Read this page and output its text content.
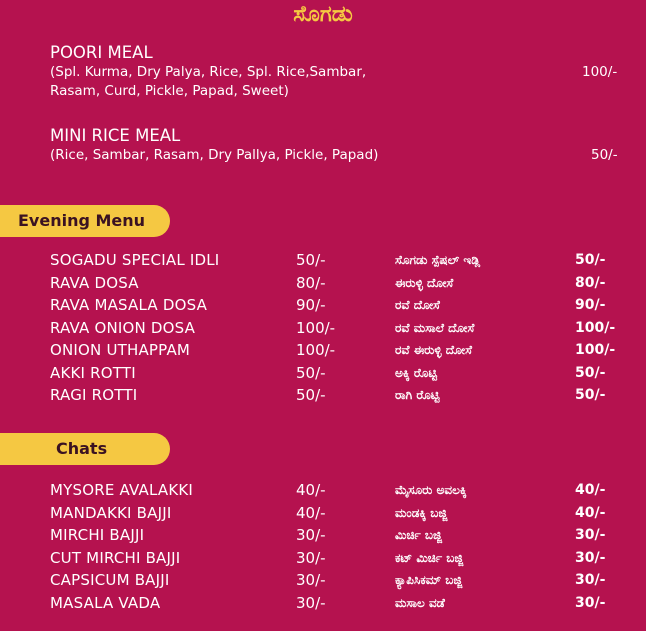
ಸೊಗಡು
POORI MEAL
(Spl. Kurma, Dry Palya, Rice, Spl. Rice,Sambar, Rasam, Curd, Pickle, Papad, Sweet)
100/-
MINI RICE MEAL
(Rice, Sambar, Rasam, Dry Pallya, Pickle, Papad)	50/-
Evening Menu
SOGADU SPECIAL IDLI	50/-	ಸೊಗಡು ಸ್ಪೆಷಲ್ ಇಡ್ಲಿ	50/-
RAVA DOSA	80/-	ಈರುಳ್ಳಿ ದೋಸೆ	80/-
RAVA MASALA DOSA	90/-	ರವೆ ದೋಸೆ	90/-
RAVA ONION DOSA	100/-	ರವೆ ಮಸಾಲೆ ದೋಸೆ	100/-
ONION UTHAPPAM	100/-	ರವೆ ಈರುಳ್ಳಿ ದೋಸೆ	100/-
AKKI ROTTI	50/-	ಅಕ್ಕಿ ರೊಟ್ಟಿ	50/-
RAGI ROTTI	50/-	ರಾಗಿ ರೊಟ್ಟಿ	50/-
Chats
MYSORE AVALAKKI	40/-	ಮೈಸೂರು ಅವಲಕ್ಕಿ	40/-
MANDAKKI BAJJI	40/-	ಮಂಡಕ್ಕಿ ಬಜ್ಜಿ	40/-
MIRCHI BAJJI	30/-	ಮಿರ್ಚಿ ಬಜ್ಜಿ	30/-
CUT MIRCHI BAJJI	30/-	ಕಟ್ ಮಿರ್ಚಿ ಬಜ್ಜಿ	30/-
CAPSICUM BAJJI	30/-	ಕ್ಯಾಪಿಸಿಕಮ್ ಬಜ್ಜಿ	30/-
MASALA VADA	30/-	ಮಸಾಲ ವಡೆ	30/-
